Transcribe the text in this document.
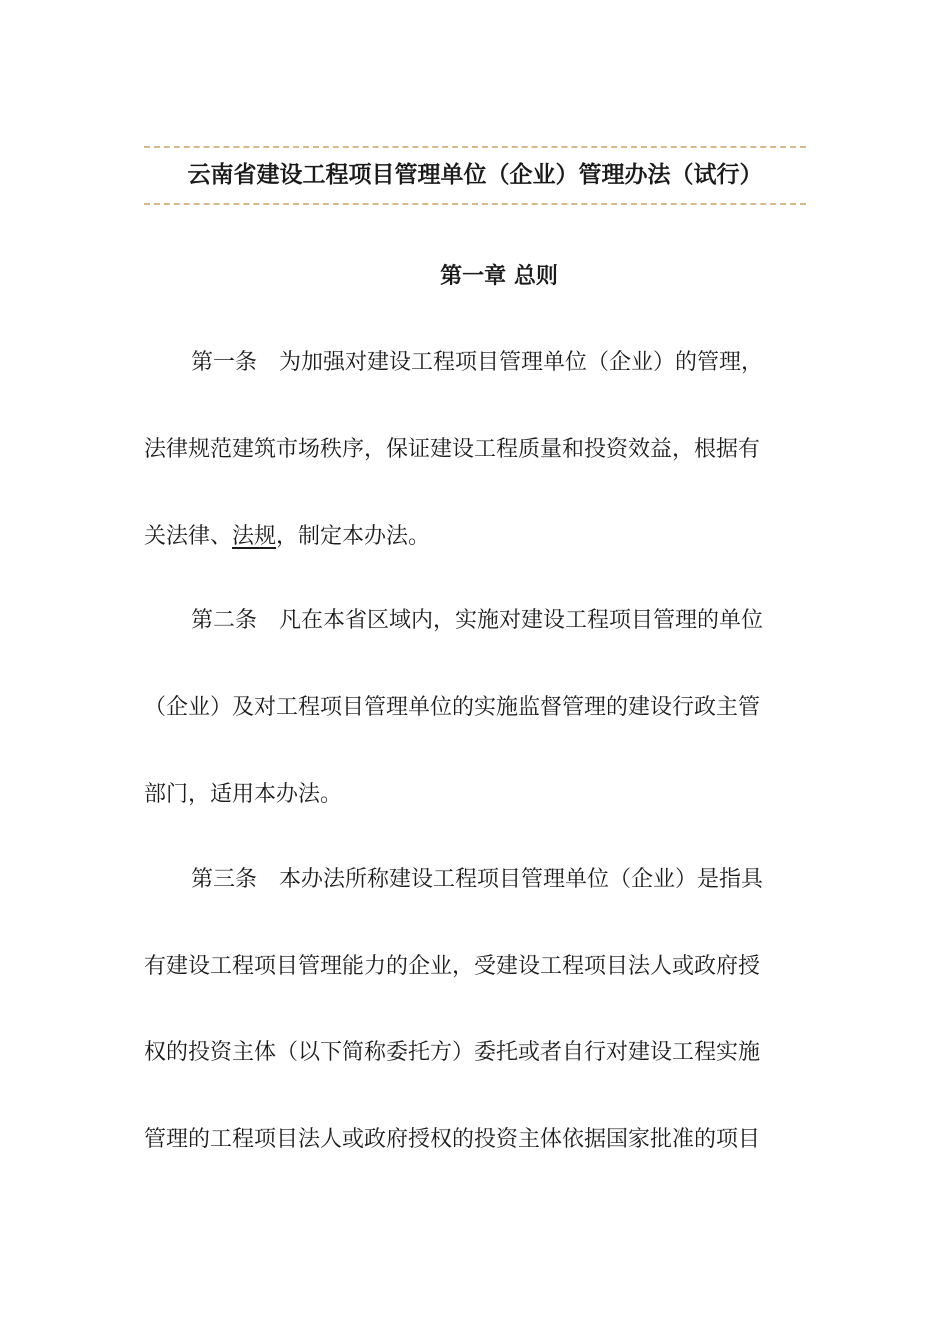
云南省建设工程项目管理单位（企业）管理办法（试行）
第一章 总则
第一条　为加强对建设工程项目管理单位（企业）的管理，
法律规范建筑市场秩序，保证建设工程质量和投资效益，根据有
关法律、法规，制定本办法。
第二条　凡在本省区域内，实施对建设工程项目管理的单位
（企业）及对工程项目管理单位的实施监督管理的建设行政主管
部门，适用本办法。
第三条　本办法所称建设工程项目管理单位（企业）是指具
有建设工程项目管理能力的企业，受建设工程项目法人或政府授
权的投资主体（以下简称委托方）委托或者自行对建设工程实施
管理的工程项目法人或政府授权的投资主体依据国家批准的项目
